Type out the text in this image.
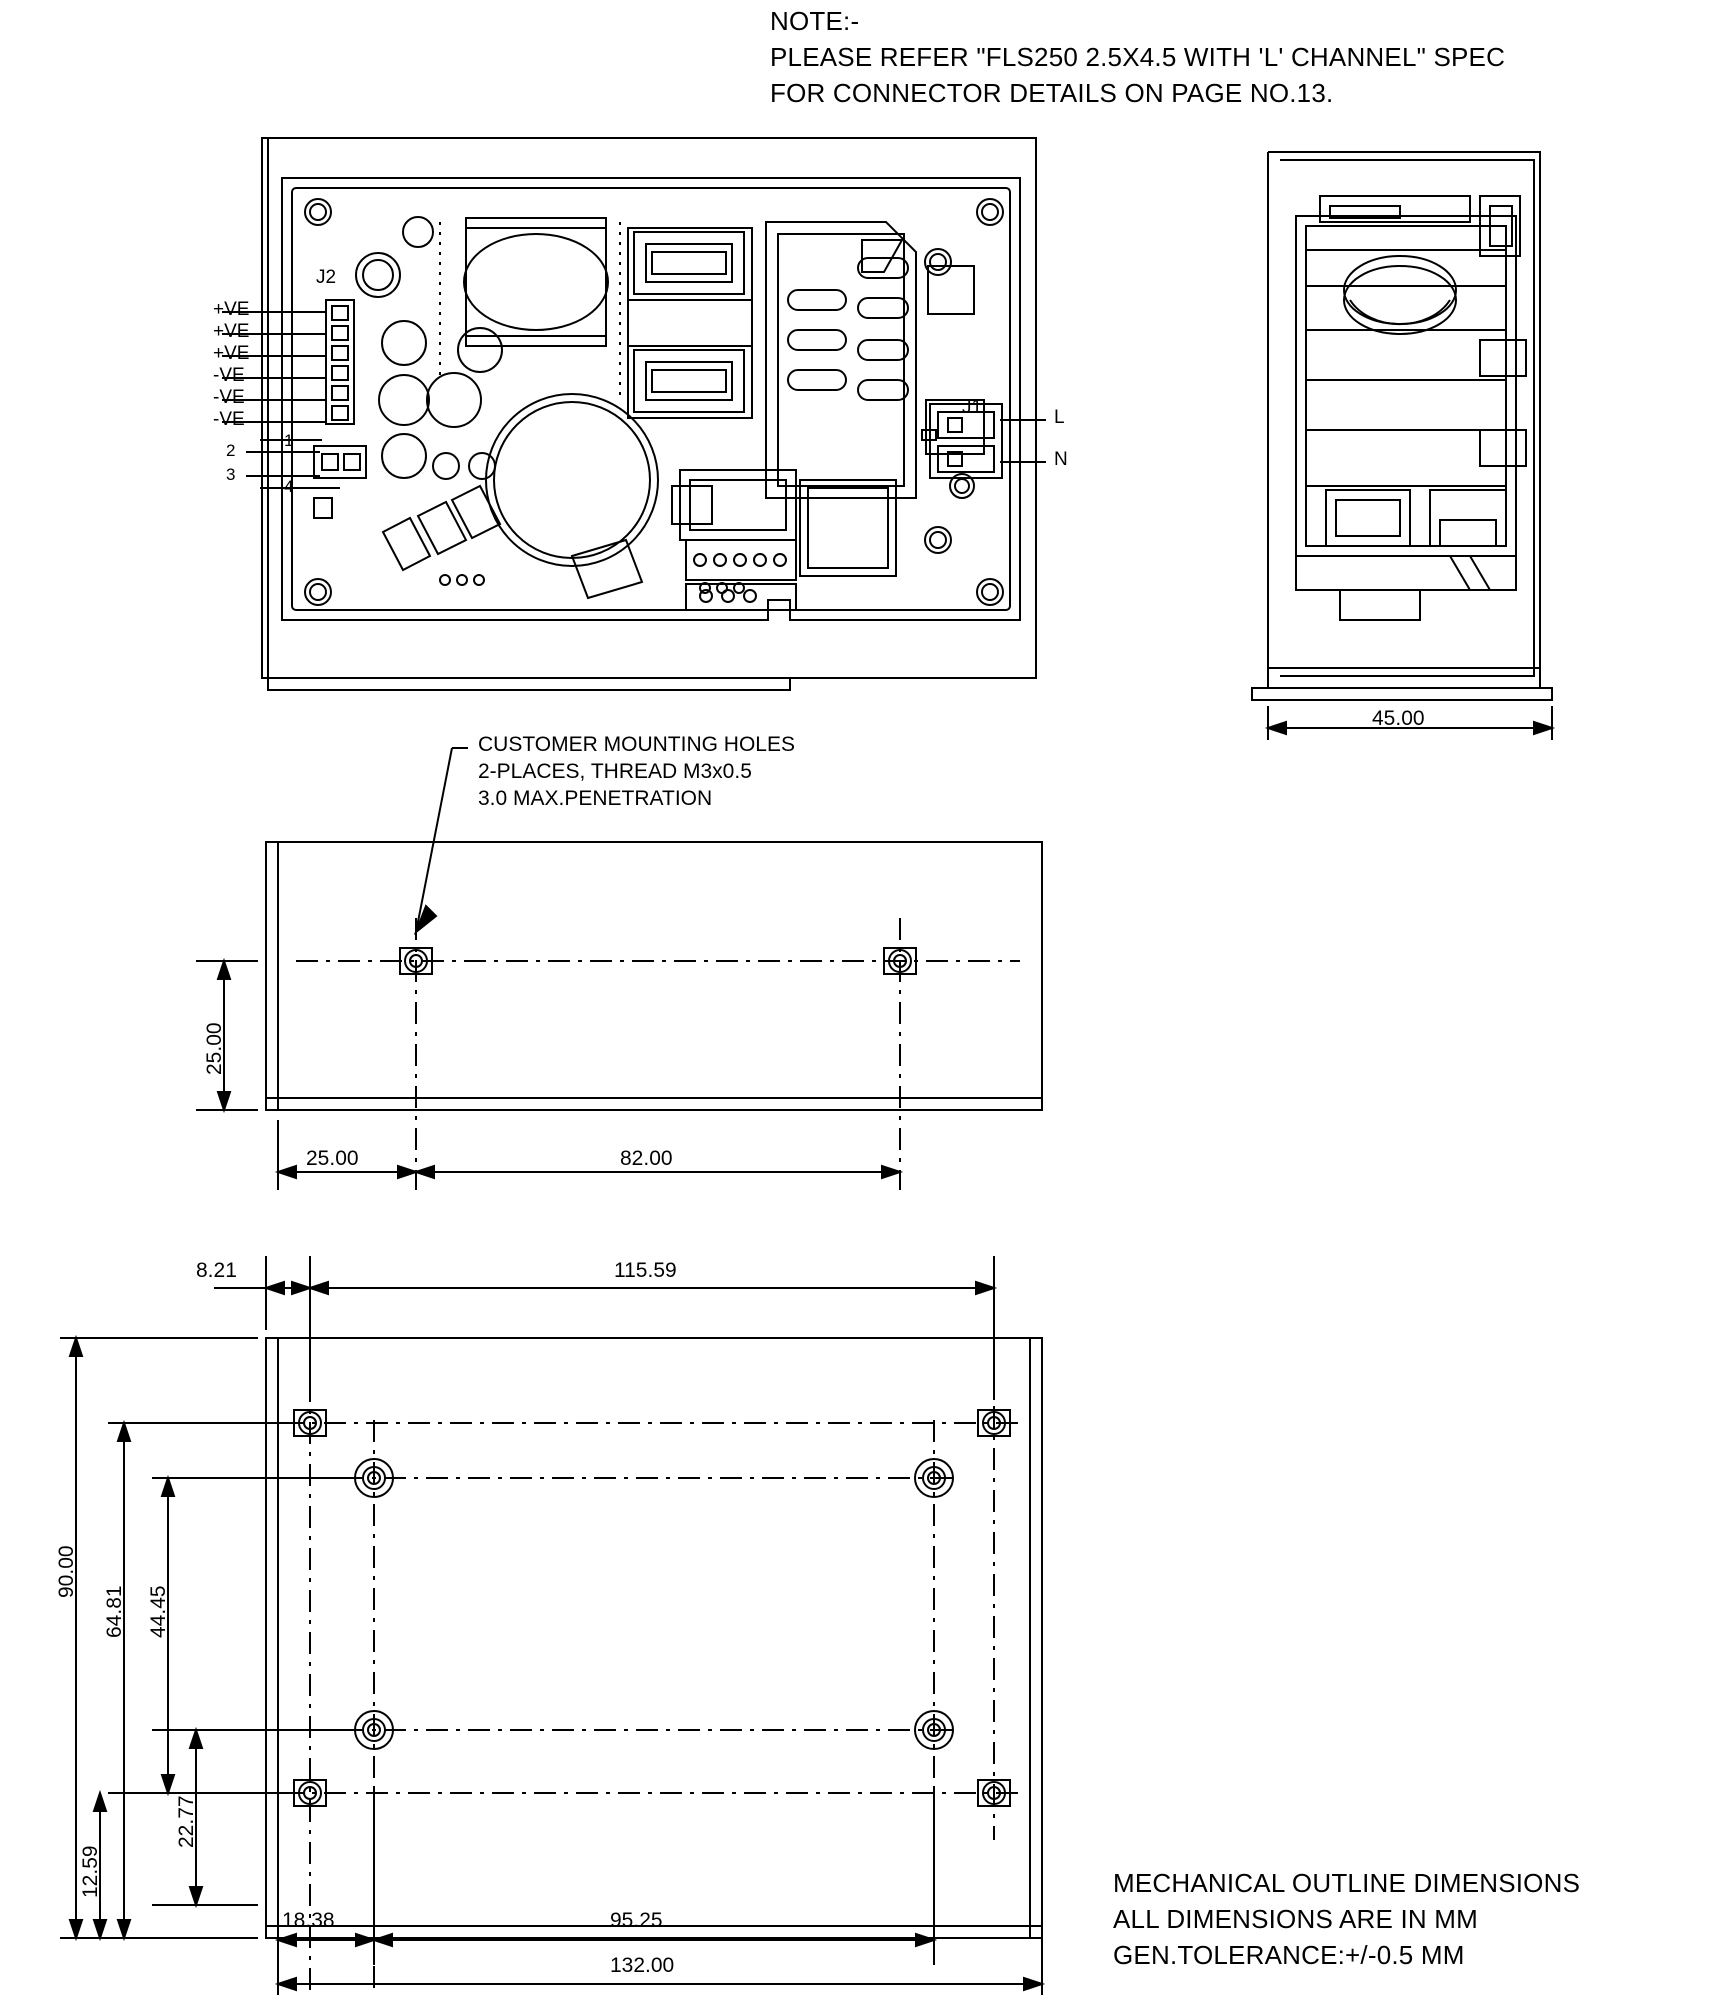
NOTE:-
PLEASE REFER "FLS250 2.5X4.5 WITH 'L' CHANNEL" SPEC
FOR CONNECTOR DETAILS ON PAGE NO.13.
MECHANICAL OUTLINE DIMENSIONS
ALL DIMENSIONS ARE IN MM
GEN.TOLERANCE:+/-0.5 MM
J2
+VE
+VE
+VE
-VE
-VE
-VE
1
2
3
4
J1	L
N
45.00
CUSTOMER MOUNTING HOLES
2-PLACES, THREAD M3x0.5
3.0 MAX.PENETRATION
25.00
25.00	82.00
8.21	115.59
90.00
64.81 44.45
22.77
12.59
18.38	95.25
132.00
